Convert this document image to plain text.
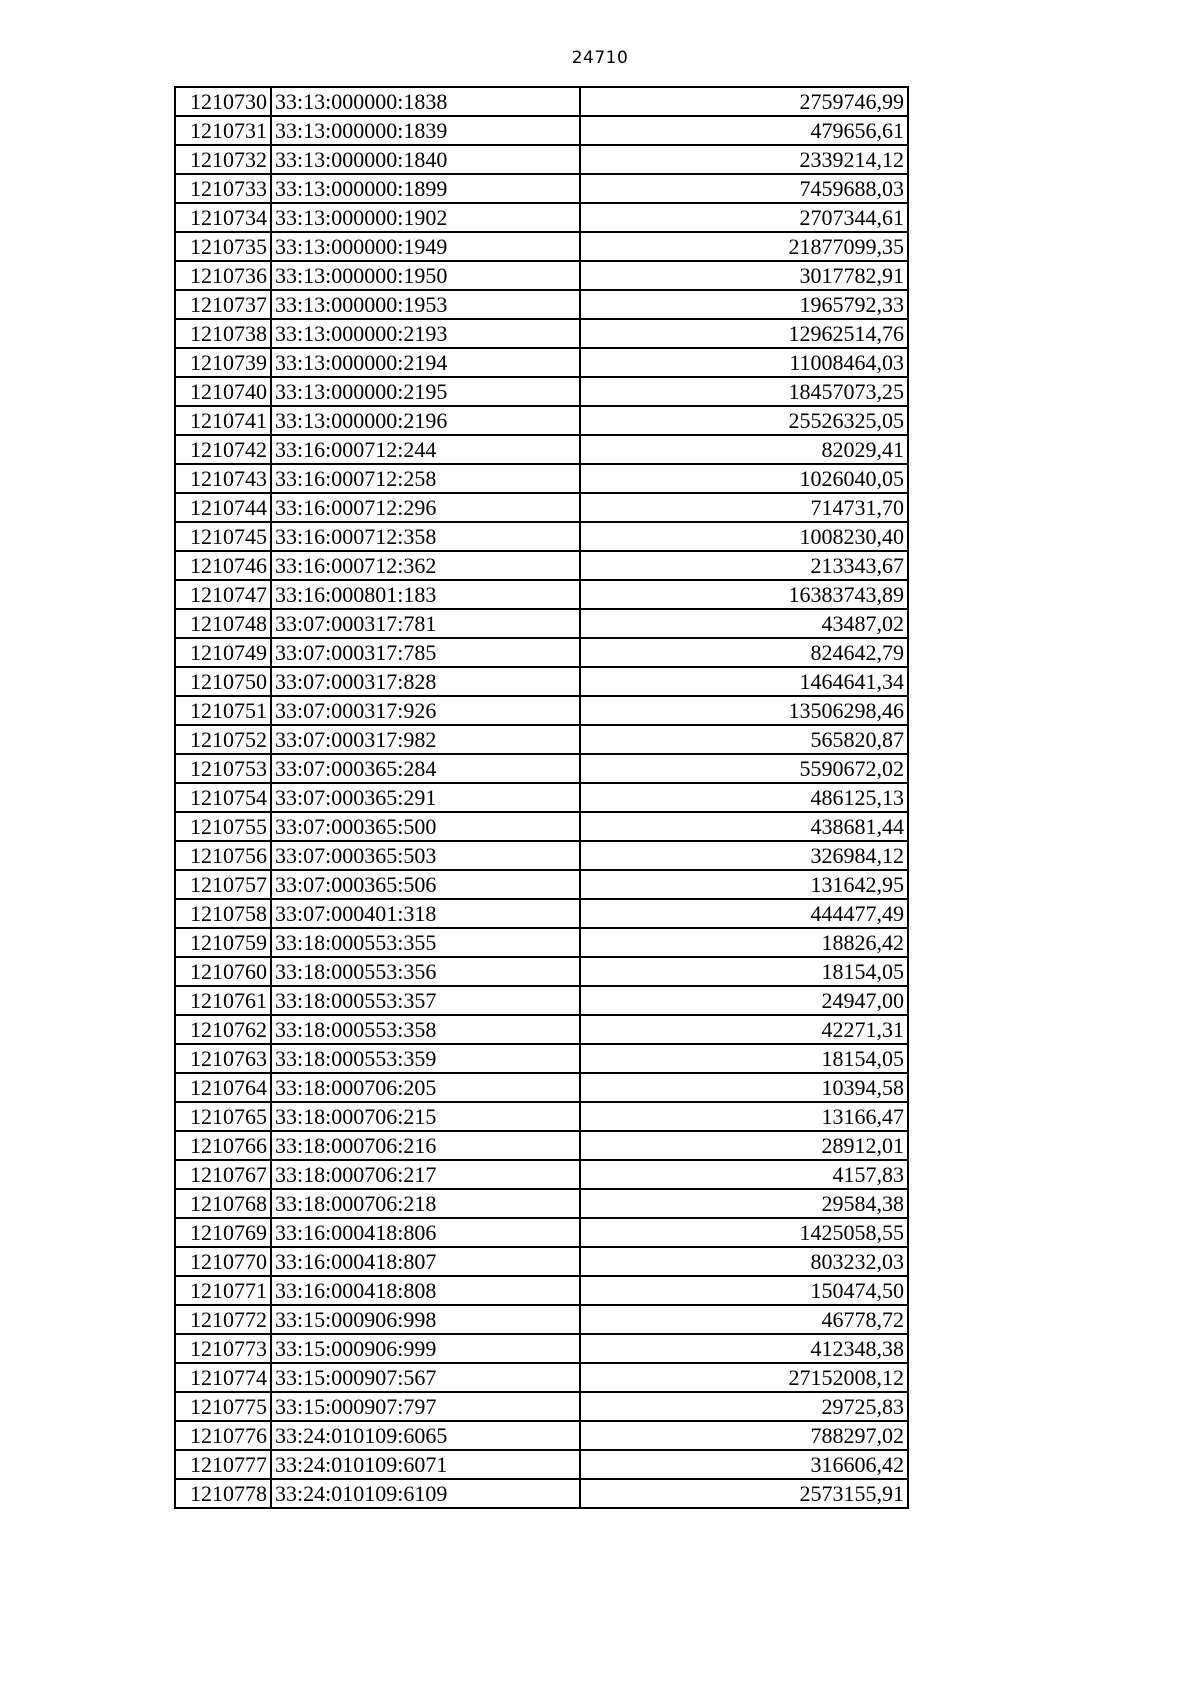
24710
1210730	33:13:000000:1838	2759746,99
1210731	33:13:000000:1839	479656,61
1210732	33:13:000000:1840	2339214,12
1210733	33:13:000000:1899	7459688,03
1210734	33:13:000000:1902	2707344,61
1210735	33:13:000000:1949	21877099,35
1210736	33:13:000000:1950	3017782,91
1210737	33:13:000000:1953	1965792,33
1210738	33:13:000000:2193	12962514,76
1210739	33:13:000000:2194	11008464,03
1210740	33:13:000000:2195	18457073,25
1210741	33:13:000000:2196	25526325,05
1210742	33:16:000712:244	82029,41
1210743	33:16:000712:258	1026040,05
1210744	33:16:000712:296	714731,70
1210745	33:16:000712:358	1008230,40
1210746	33:16:000712:362	213343,67
1210747	33:16:000801:183	16383743,89
1210748	33:07:000317:781	43487,02
1210749	33:07:000317:785	824642,79
1210750	33:07:000317:828	1464641,34
1210751	33:07:000317:926	13506298,46
1210752	33:07:000317:982	565820,87
1210753	33:07:000365:284	5590672,02
1210754	33:07:000365:291	486125,13
1210755	33:07:000365:500	438681,44
1210756	33:07:000365:503	326984,12
1210757	33:07:000365:506	131642,95
1210758	33:07:000401:318	444477,49
1210759	33:18:000553:355	18826,42
1210760	33:18:000553:356	18154,05
1210761	33:18:000553:357	24947,00
1210762	33:18:000553:358	42271,31
1210763	33:18:000553:359	18154,05
1210764	33:18:000706:205	10394,58
1210765	33:18:000706:215	13166,47
1210766	33:18:000706:216	28912,01
1210767	33:18:000706:217	4157,83
1210768	33:18:000706:218	29584,38
1210769	33:16:000418:806	1425058,55
1210770	33:16:000418:807	803232,03
1210771	33:16:000418:808	150474,50
1210772	33:15:000906:998	46778,72
1210773	33:15:000906:999	412348,38
1210774	33:15:000907:567	27152008,12
1210775	33:15:000907:797	29725,83
1210776	33:24:010109:6065	788297,02
1210777	33:24:010109:6071	316606,42
1210778	33:24:010109:6109	2573155,91
